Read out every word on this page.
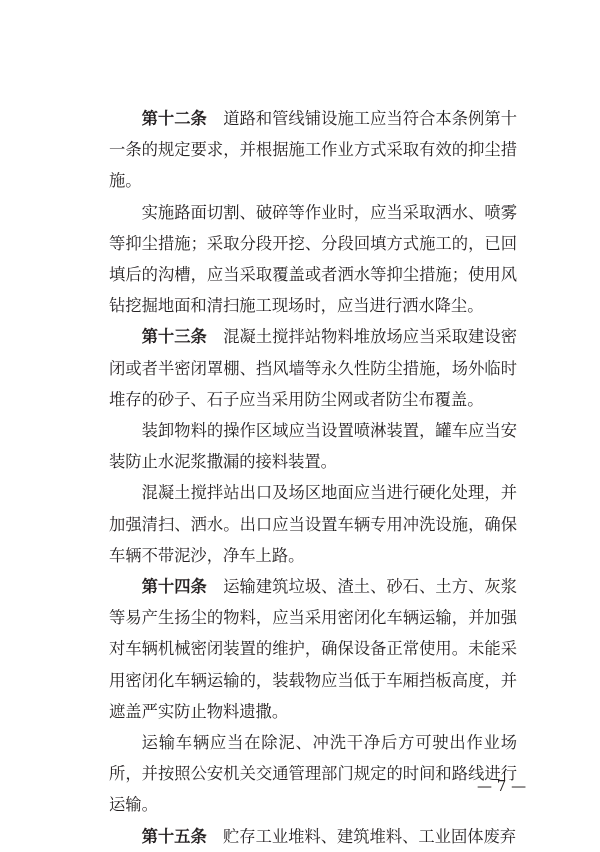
第十二条  道路和管线铺设施工应当符合本条例第十一条的规定要求，并根据施工作业方式采取有效的抑尘措施。

实施路面切割、破碎等作业时，应当采取洒水、喷雾等抑尘措施；采取分段开挖、分段回填方式施工的，已回填后的沟槽，应当采取覆盖或者洒水等抑尘措施；使用风钻挖掘地面和清扫施工现场时，应当进行洒水降尘。

第十三条  混凝土搅拌站物料堆放场应当采取建设密闭或者半密闭罩棚、挡风墙等永久性防尘措施，场外临时堆存的砂子、石子应当采用防尘网或者防尘布覆盖。

装卸物料的操作区域应当设置喷淋装置，罐车应当安装防止水泥浆撒漏的接料装置。

混凝土搅拌站出口及场区地面应当进行硬化处理，并加强清扫、洒水。出口应当设置车辆专用冲洗设施，确保车辆不带泥沙，净车上路。

第十四条  运输建筑垃圾、渣土、砂石、土方、灰浆等易产生扬尘的物料，应当采用密闭化车辆运输，并加强对车辆机械密闭装置的维护，确保设备正常使用。未能采用密闭化车辆运输的，装载物应当低于车厢挡板高度，并遮盖严实防止物料遗撒。

运输车辆应当在除泥、冲洗干净后方可驶出作业场所，并按照公安机关交通管理部门规定的时间和路线进行运输。

第十五条  贮存工业堆料、建筑堆料、工业固体废弃

— 7 —
